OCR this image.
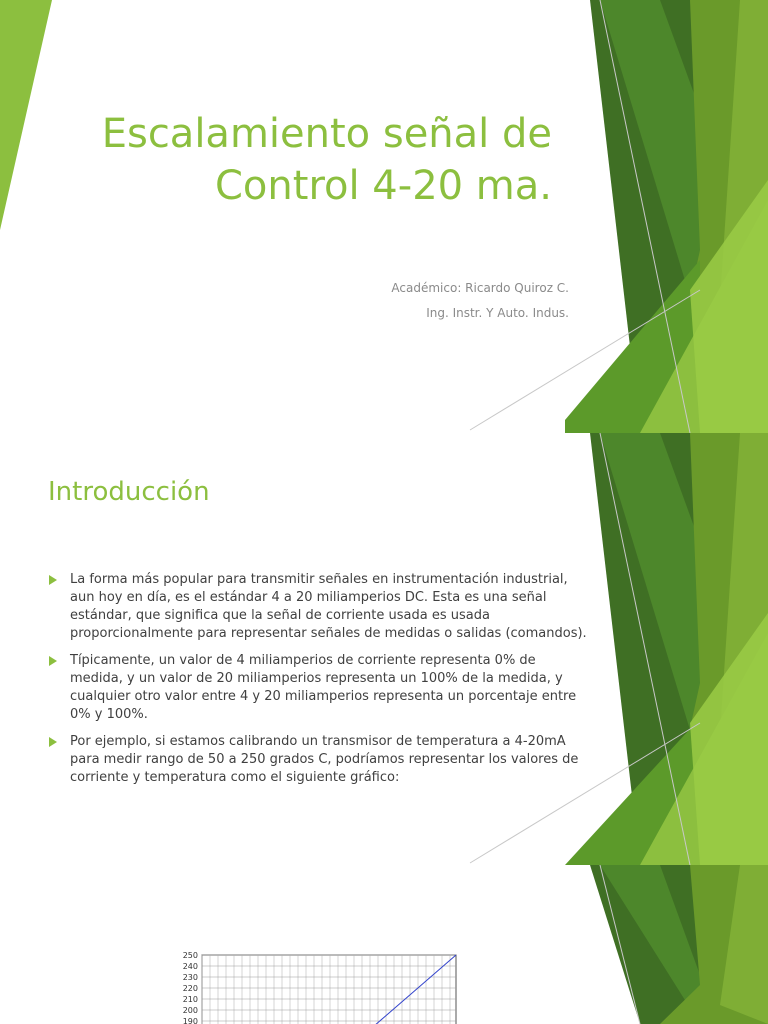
Escalamiento señal de
Control 4-20 ma.

Académico: Ricardo Quiroz C.

Ing. Instr. Y Auto. Indus.

Introducción
La forma más popular para transmitir señales en instrumentación industrial, aun hoy en día, es el estándar 4 a 20 miliamperios DC. Esta es una señal estándar, que significa que la señal de corriente usada es usada proporcionalmente para representar señales de medidas o salidas (comandos).
Típicamente, un valor de 4 miliamperios de corriente representa 0% de medida, y un valor de 20 miliamperios representa un 100% de la medida, y cualquier otro valor entre 4 y 20 miliamperios representa un porcentaje entre 0% y 100%.
Por ejemplo, si estamos calibrando un transmisor de temperatura a 4-20mA para medir rango de 50 a 250 grados C, podríamos representar los valores de corriente y temperatura como el siguiente gráfico:
250
240
230
220
210
200
190
